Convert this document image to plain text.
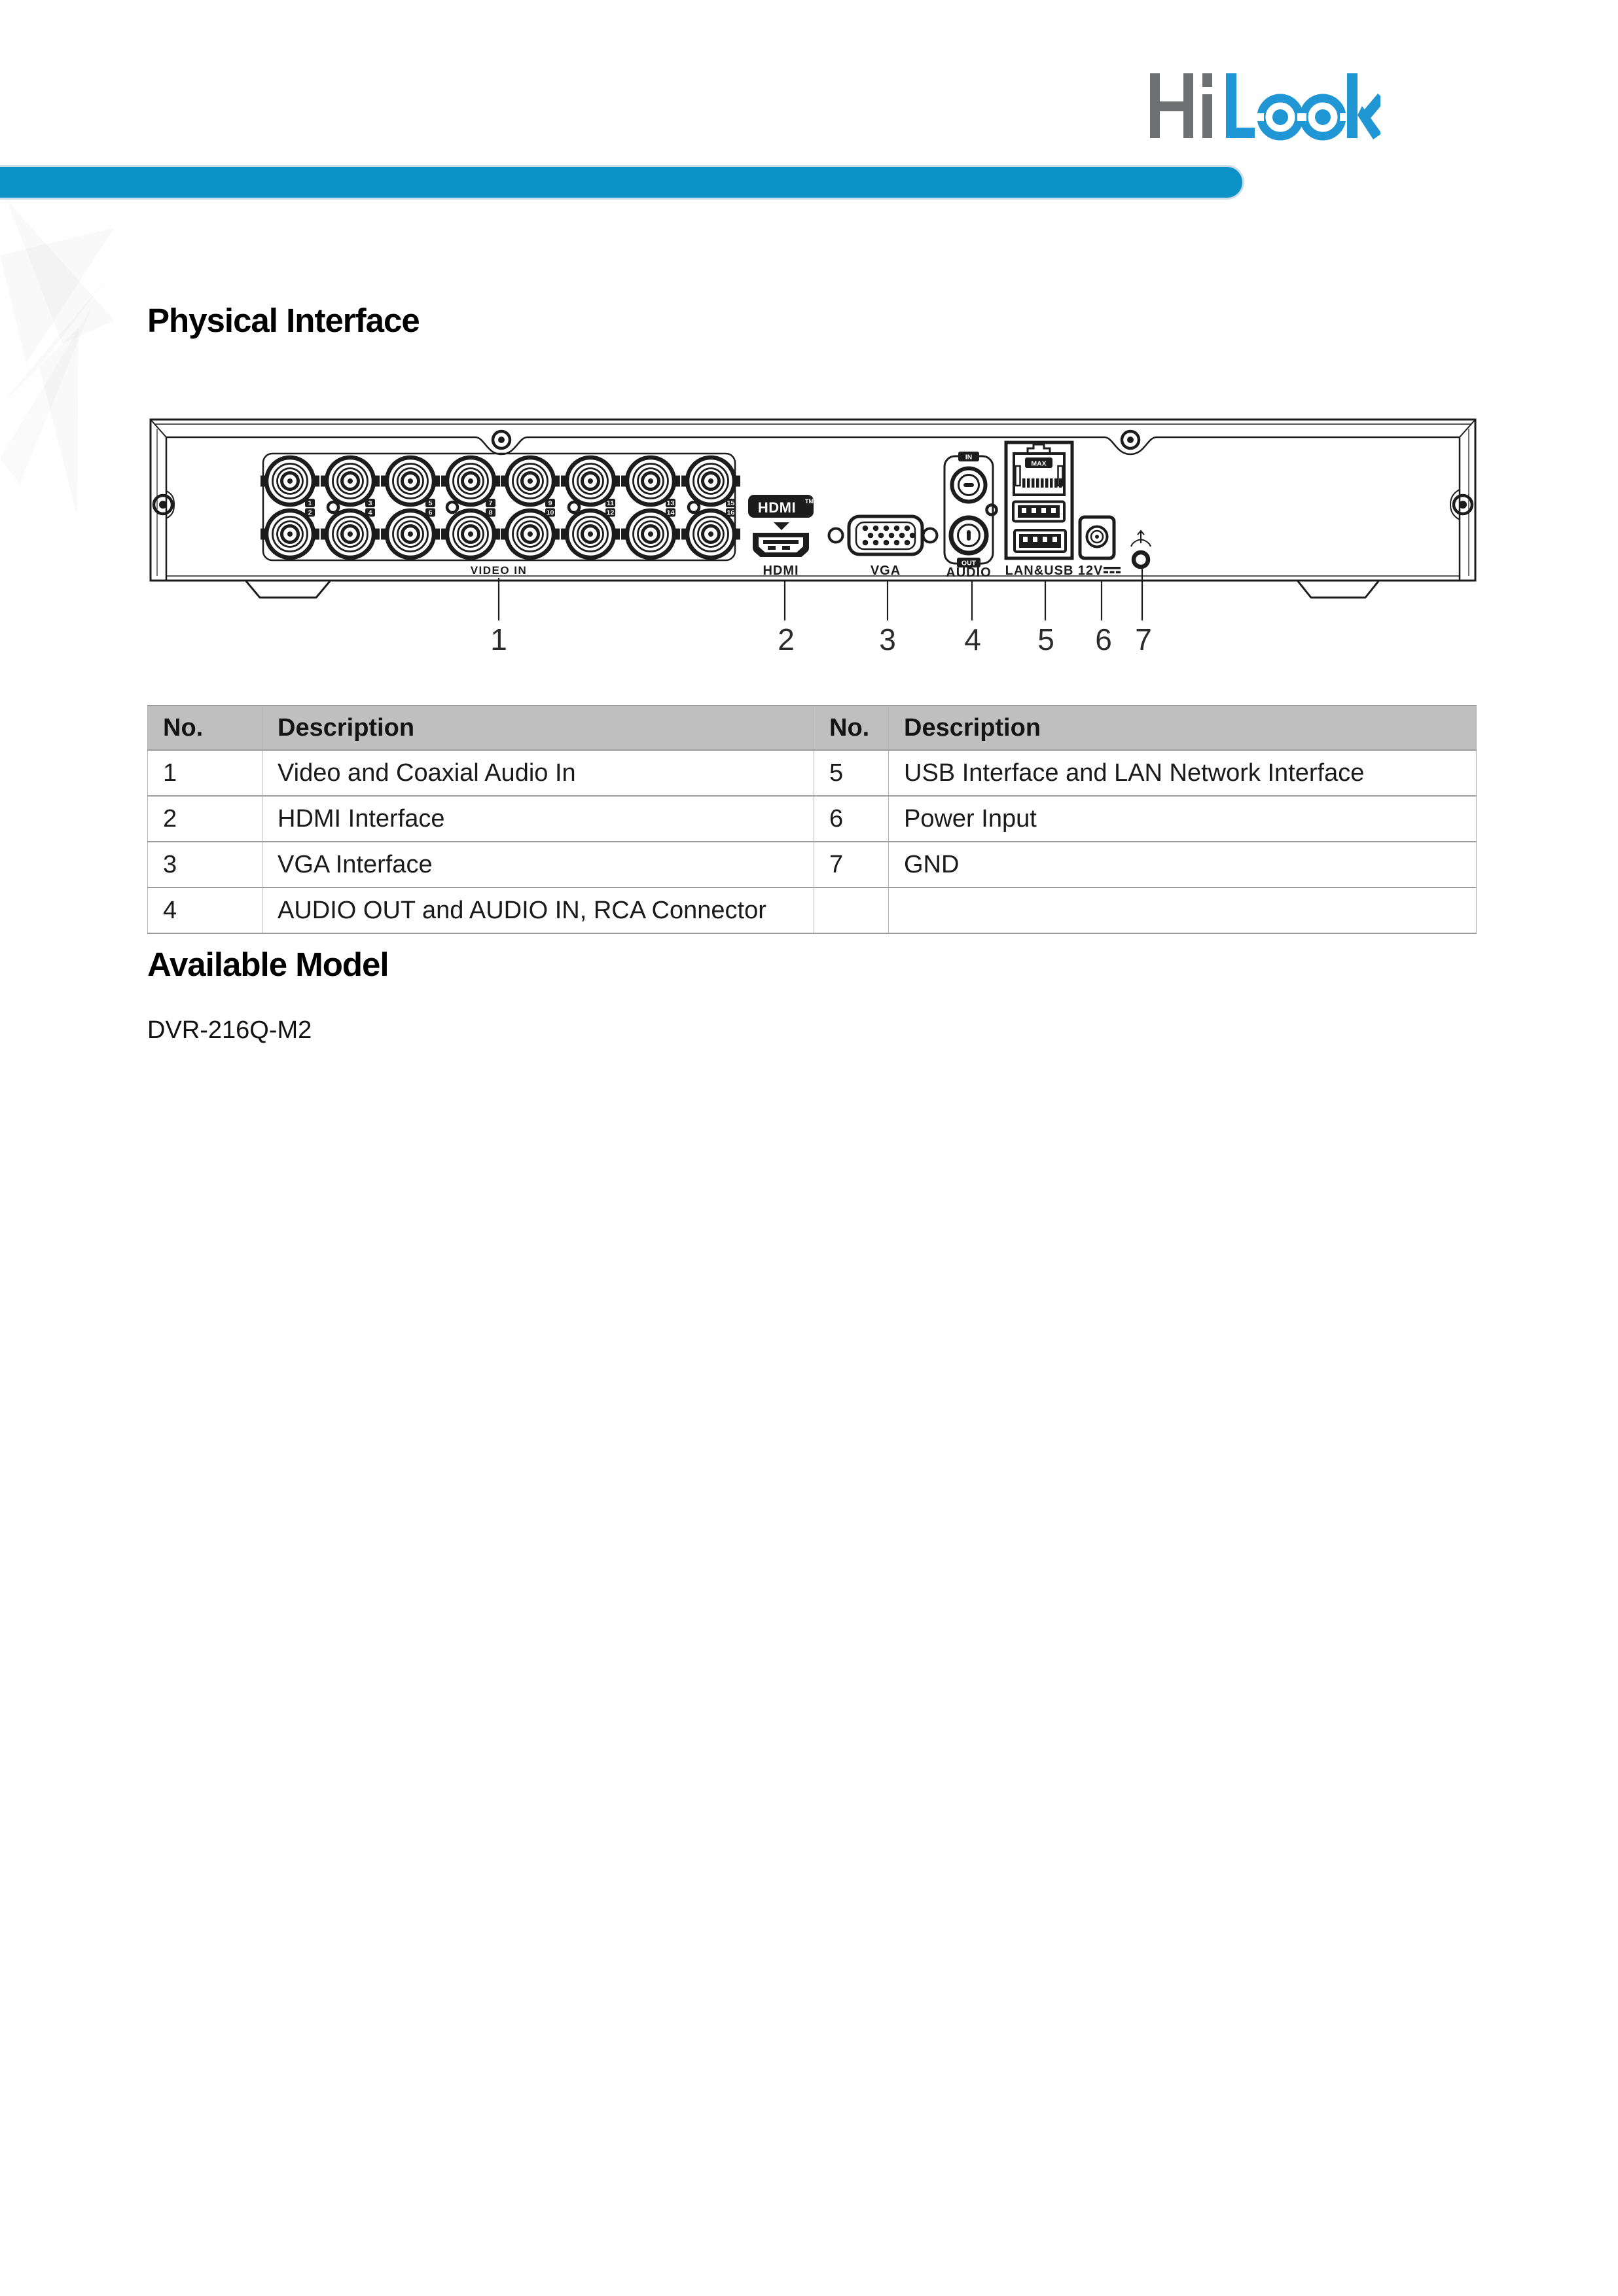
Physical Interface
1
2
3
4
5
6
7
8
9
10
11
12
13
14
15
16
VIDEO IN
HDMI TM
HDMI	VGA
IN
OUT
AUDIO
MAX
LAN&USB 12V
1	2	3 4 5 6 7
No.	Description	No.	Description
1	Video and Coaxial Audio In	5	USB Interface and LAN Network Interface
2	HDMI Interface	6	Power Input
3	VGA Interface	7	GND
4	AUDIO OUT and AUDIO IN, RCA Connector		
Available Model
DVR-216Q-M2
